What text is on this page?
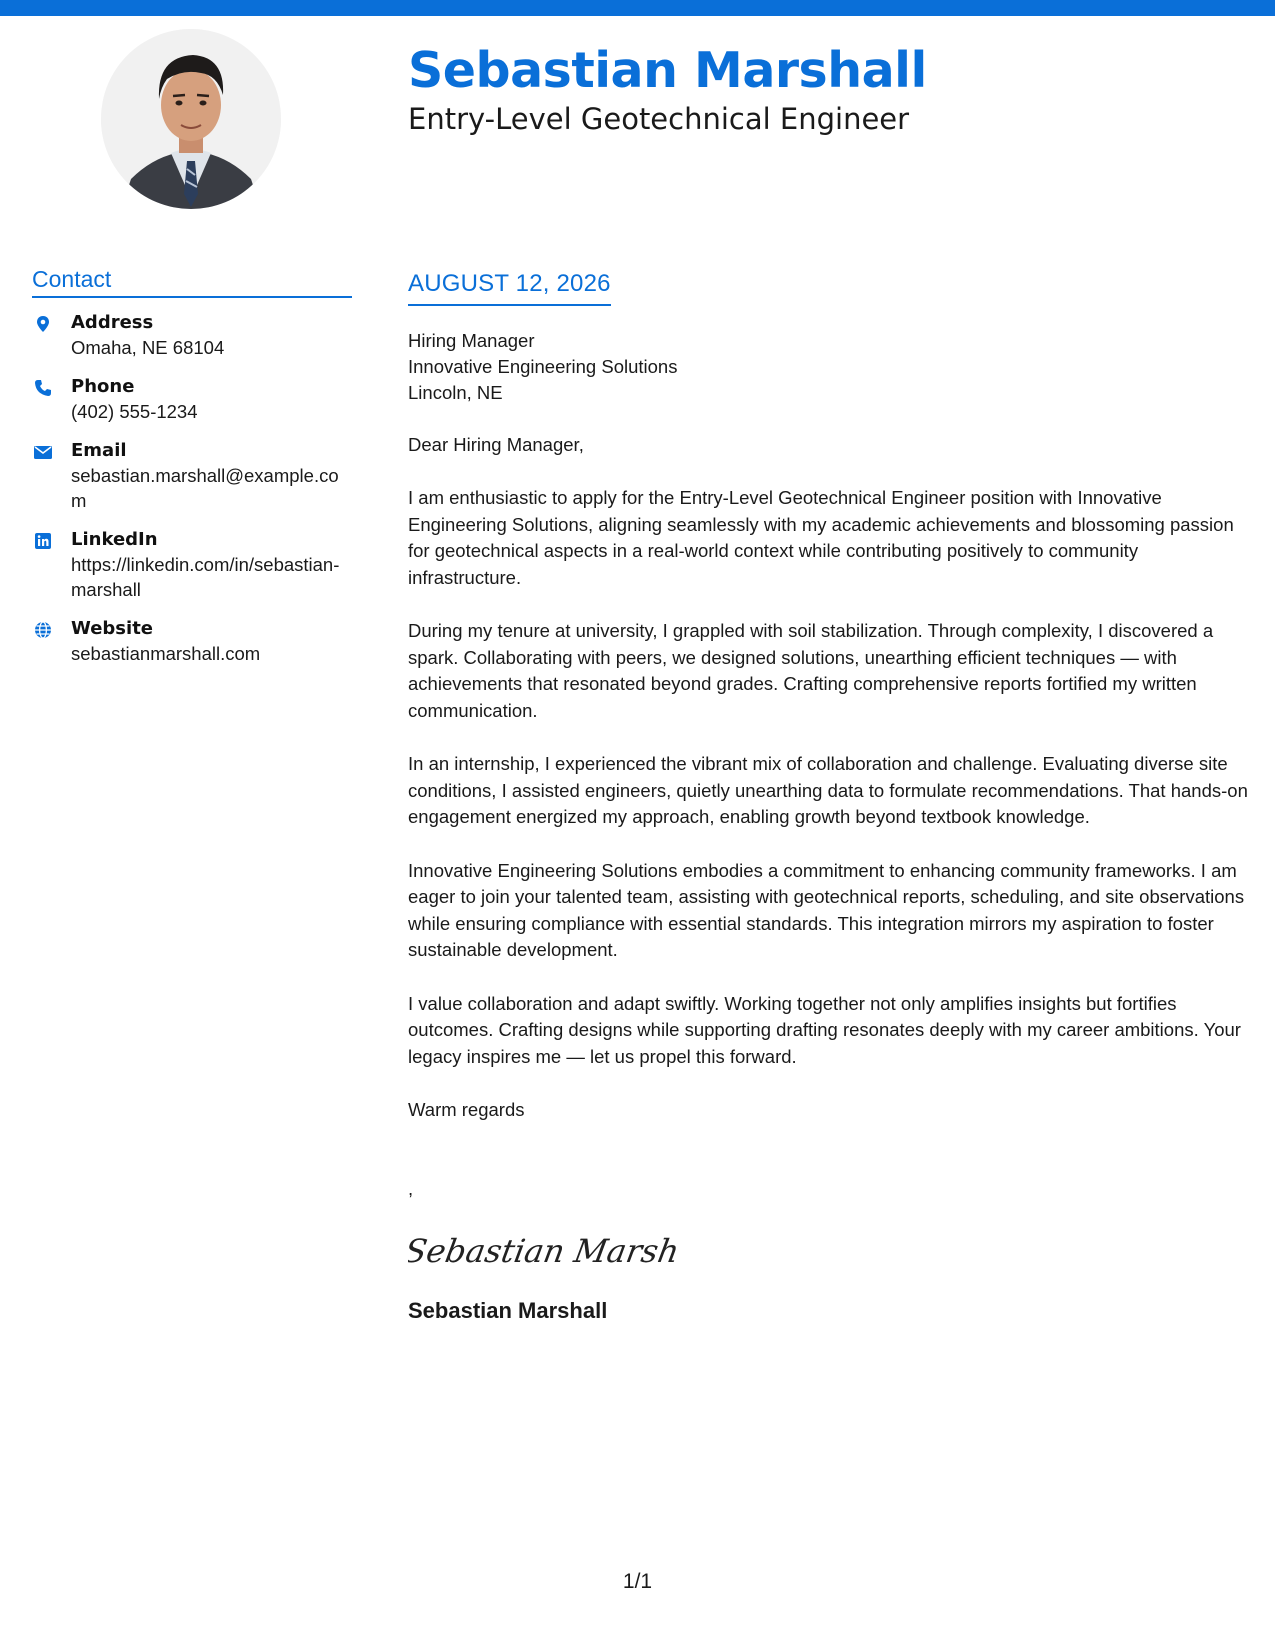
Sebastian Marshall
Entry-Level Geotechnical Engineer
Contact
Address
Omaha, NE 68104
Phone
(402) 555-1234
Email
sebastian.marshall@example.com
LinkedIn
https://linkedin.com/in/sebastian-marshall
Website
sebastianmarshall.com
AUGUST 12, 2026
Hiring Manager
Innovative Engineering Solutions
Lincoln, NE
Dear Hiring Manager,
I am enthusiastic to apply for the Entry-Level Geotechnical Engineer position with Innovative Engineering Solutions, aligning seamlessly with my academic achievements and blossoming passion for geotechnical aspects in a real-world context while contributing positively to community infrastructure.
During my tenure at university, I grappled with soil stabilization. Through complexity, I discovered a spark. Collaborating with peers, we designed solutions, unearthing efficient techniques — with achievements that resonated beyond grades. Crafting comprehensive reports fortified my written communication.
In an internship, I experienced the vibrant mix of collaboration and challenge. Evaluating diverse site conditions, I assisted engineers, quietly unearthing data to formulate recommendations. That hands-on engagement energized my approach, enabling growth beyond textbook knowledge.
Innovative Engineering Solutions embodies a commitment to enhancing community frameworks. I am eager to join your talented team, assisting with geotechnical reports, scheduling, and site observations while ensuring compliance with essential standards. This integration mirrors my aspiration to foster sustainable development.
I value collaboration and adapt swiftly. Working together not only amplifies insights but fortifies outcomes. Crafting designs while supporting drafting resonates deeply with my career ambitions. Your legacy inspires me — let us propel this forward.
Warm regards
,
Sebastian Marsh
Sebastian Marshall
1/1
